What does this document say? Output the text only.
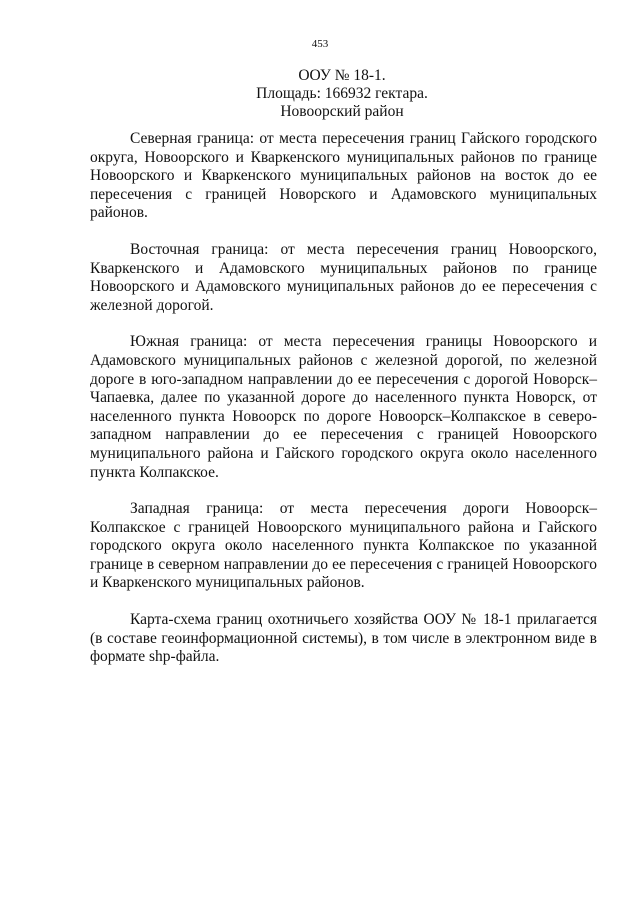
453
ООУ № 18-1.
Площадь: 166932 гектара.
Новоорский район

Северная граница: от места пересечения границ Гайского городского округа, Новоорского и Кваркенского муниципальных районов по границе Новоорского и Кваркенского муниципальных районов на восток до ее пересечения с границей Новорского и Адамовского муниципальных районов.

Восточная граница: от места пересечения границ Новоорского, Кваркенского и Адамовского муниципальных районов по границе Новоорского и Адамовского муниципальных районов до ее пересечения с железной дорогой.

Южная граница: от места пересечения границы Новоорского и Адамовского муниципальных районов с железной дорогой, по железной дороге в юго-западном направлении до ее пересечения с дорогой Новорск–Чапаевка, далее по указанной дороге до населенного пункта Новорск, от населенного пункта Новоорск по дороге Новоорск–Колпакское в северо-западном направлении до ее пересечения с границей Новоорского муниципального района и Гайского городского округа около населенного пункта Колпакское.

Западная граница: от места пересечения дороги Новоорск–Колпакское с границей Новоорского муниципального района и Гайского городского округа около населенного пункта Колпакское по указанной границе в северном направлении до ее пересечения с границей Новоорского и Кваркенского муниципальных районов.

Карта-схема границ охотничьего хозяйства ООУ № 18-1 прилагается (в составе геоинформационной системы), в том числе в электронном виде в формате shp-файла.
